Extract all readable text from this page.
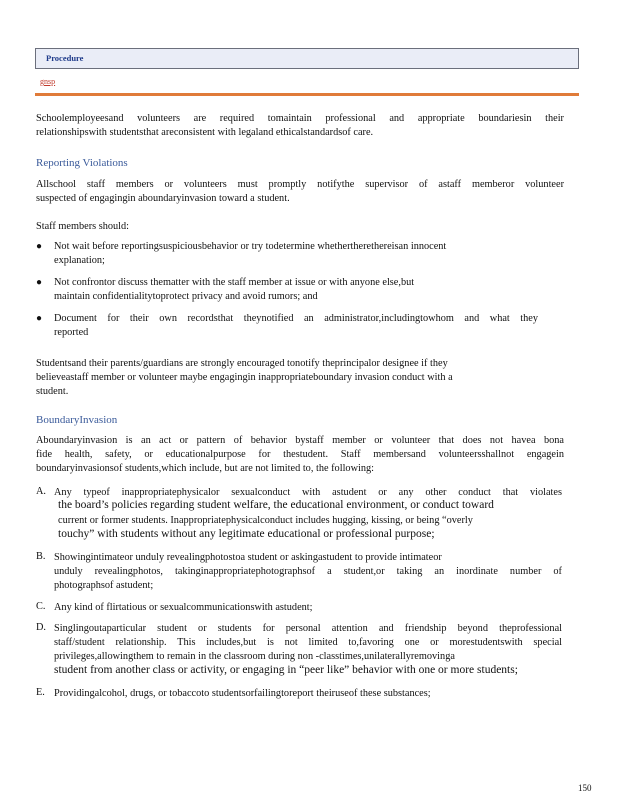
Procedure
gnsp
Schoolemployeesand volunteers are required tomaintain professional and appropriate boundariesin their
relationshipswith studentsthat areconsistent with legaland ethicalstandardsof care.
Reporting Violations
Allschool staff members or volunteers must promptly notifythe supervisor of astaff memberor volunteer
suspected of engagingin aboundaryinvasion toward a student.
Staff members should:
● Not wait before reportingsuspiciousbehavior or try todetermine whethertherethereisan innocent
explanation;
● Not confrontor discuss thematter with the staff member at issue or with anyone else,but
maintain confidentialitytoprotect privacy and avoid rumors; and
● Document for their own recordsthat theynotified an administrator,includingtowhom and what they
reported
Studentsand their parents/guardians are strongly encouraged tonotify theprincipalor designee if they
believeastaff member or volunteer maybe engagingin inappropriateboundary invasion conduct with a
student.
BoundaryInvasion
Aboundaryinvasion is an act or pattern of behavior bystaff member or volunteer that does not havea bona
fide health, safety, or educationalpurpose for thestudent. Staff membersand volunteersshallnot engagein
boundaryinvasionsof students,which include, but are not limited to, the following:
A. Any typeof inappropriatephysicalor sexualconduct with astudent or any other conduct that violates
the board’s policies regarding student welfare, the educational environment, or conduct toward
current or former students. Inappropriatephysicalconduct includes hugging, kissing, or being “overly
touchy” with students without any legitimate educational or professional purpose;
B. Showingintimateor unduly revealingphotostoa student or askingastudent to provide intimateor
unduly revealingphotos, takinginappropriatephotographsof a student,or taking an inordinate number of
photographsof astudent;
C. Any kind of flirtatious or sexualcommunicationswith astudent;
D. Singlingoutaparticular student or students for personal attention and friendship beyond theprofessional
staff/student relationship. This includes,but is not limited to,favoring one or morestudentswith special
privileges,allowingthem to remain in the classroom during non -classtimes,unilaterallyremovinga
student from another class or activity, or engaging in “peer like” behavior with one or more students;
E. Providingalcohol, drugs, or tobaccoto studentsorfailingtoreport theiruseof these substances;
150
